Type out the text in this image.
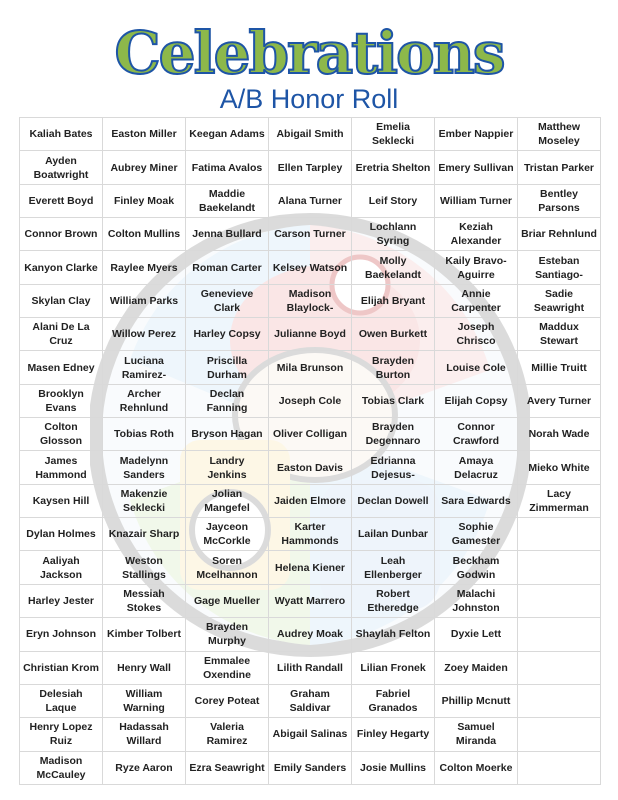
Celebrations
A/B Honor Roll
Kaliah Bates	Easton Miller	Keegan Adams	Abigail Smith	Emelia Seklecki	Ember Nappier	Matthew Moseley
Ayden Boatwright	Aubrey Miner	Fatima Avalos	Ellen Tarpley	Eretria Shelton	Emery Sullivan	Tristan Parker
Everett Boyd	Finley Moak	Maddie Baekelandt	Alana Turner	Leif Story	William Turner	Bentley Parsons
Connor Brown	Colton Mullins	Jenna Bullard	Carson Turner	Lochlann Syring	Keziah Alexander	Briar Rehnlund
Kanyon Clarke	Raylee Myers	Roman Carter	Kelsey Watson	Molly Baekelandt	Kaily Bravo-Aguirre	Esteban Santiago-
Skylan Clay	William Parks	Genevieve Clark	Madison Blaylock-	Elijah Bryant	Annie Carpenter	Sadie Seawright
Alani De La Cruz	Willow Perez	Harley Copsy	Julianne Boyd	Owen Burkett	Joseph Chrisco	Maddux Stewart
Masen Edney	Luciana Ramirez-	Priscilla Durham	Mila Brunson	Brayden Burton	Louise Cole	Millie Truitt
Brooklyn Evans	Archer Rehnlund	Declan Fanning	Joseph Cole	Tobias Clark	Elijah Copsy	Avery Turner
Colton Glosson	Tobias Roth	Bryson Hagan	Oliver Colligan	Brayden Degennaro	Connor Crawford	Norah Wade
James Hammond	Madelynn Sanders	Landry Jenkins	Easton Davis	Edrianna Dejesus-	Amaya Delacruz	Mieko White
Kaysen Hill	Makenzie Seklecki	Jolian Mangefel	Jaiden Elmore	Declan Dowell	Sara Edwards	Lacy Zimmerman
Dylan Holmes	Knazair Sharp	Jayceon McCorkle	Karter Hammonds	Lailan Dunbar	Sophie Gamester	
Aaliyah Jackson	Weston Stallings	Soren Mcelhannon	Helena Kiener	Leah Ellenberger	Beckham Godwin	
Harley Jester	Messiah Stokes	Gage Mueller	Wyatt Marrero	Robert Etheredge	Malachi Johnston	
Eryn Johnson	Kimber Tolbert	Brayden Murphy	Audrey Moak	Shaylah Felton	Dyxie Lett	
Christian Krom	Henry Wall	Emmalee Oxendine	Lilith Randall	Lilian Fronek	Zoey Maiden	
Delesiah Laque	William Warning	Corey Poteat	Graham Saldivar	Fabriel Granados	Phillip Mcnutt	
Henry Lopez Ruiz	Hadassah Willard	Valeria Ramirez	Abigail Salinas	Finley Hegarty	Samuel Miranda	
Madison McCauley	Ryze Aaron	Ezra Seawright	Emily Sanders	Josie Mullins	Colton Moerke	
